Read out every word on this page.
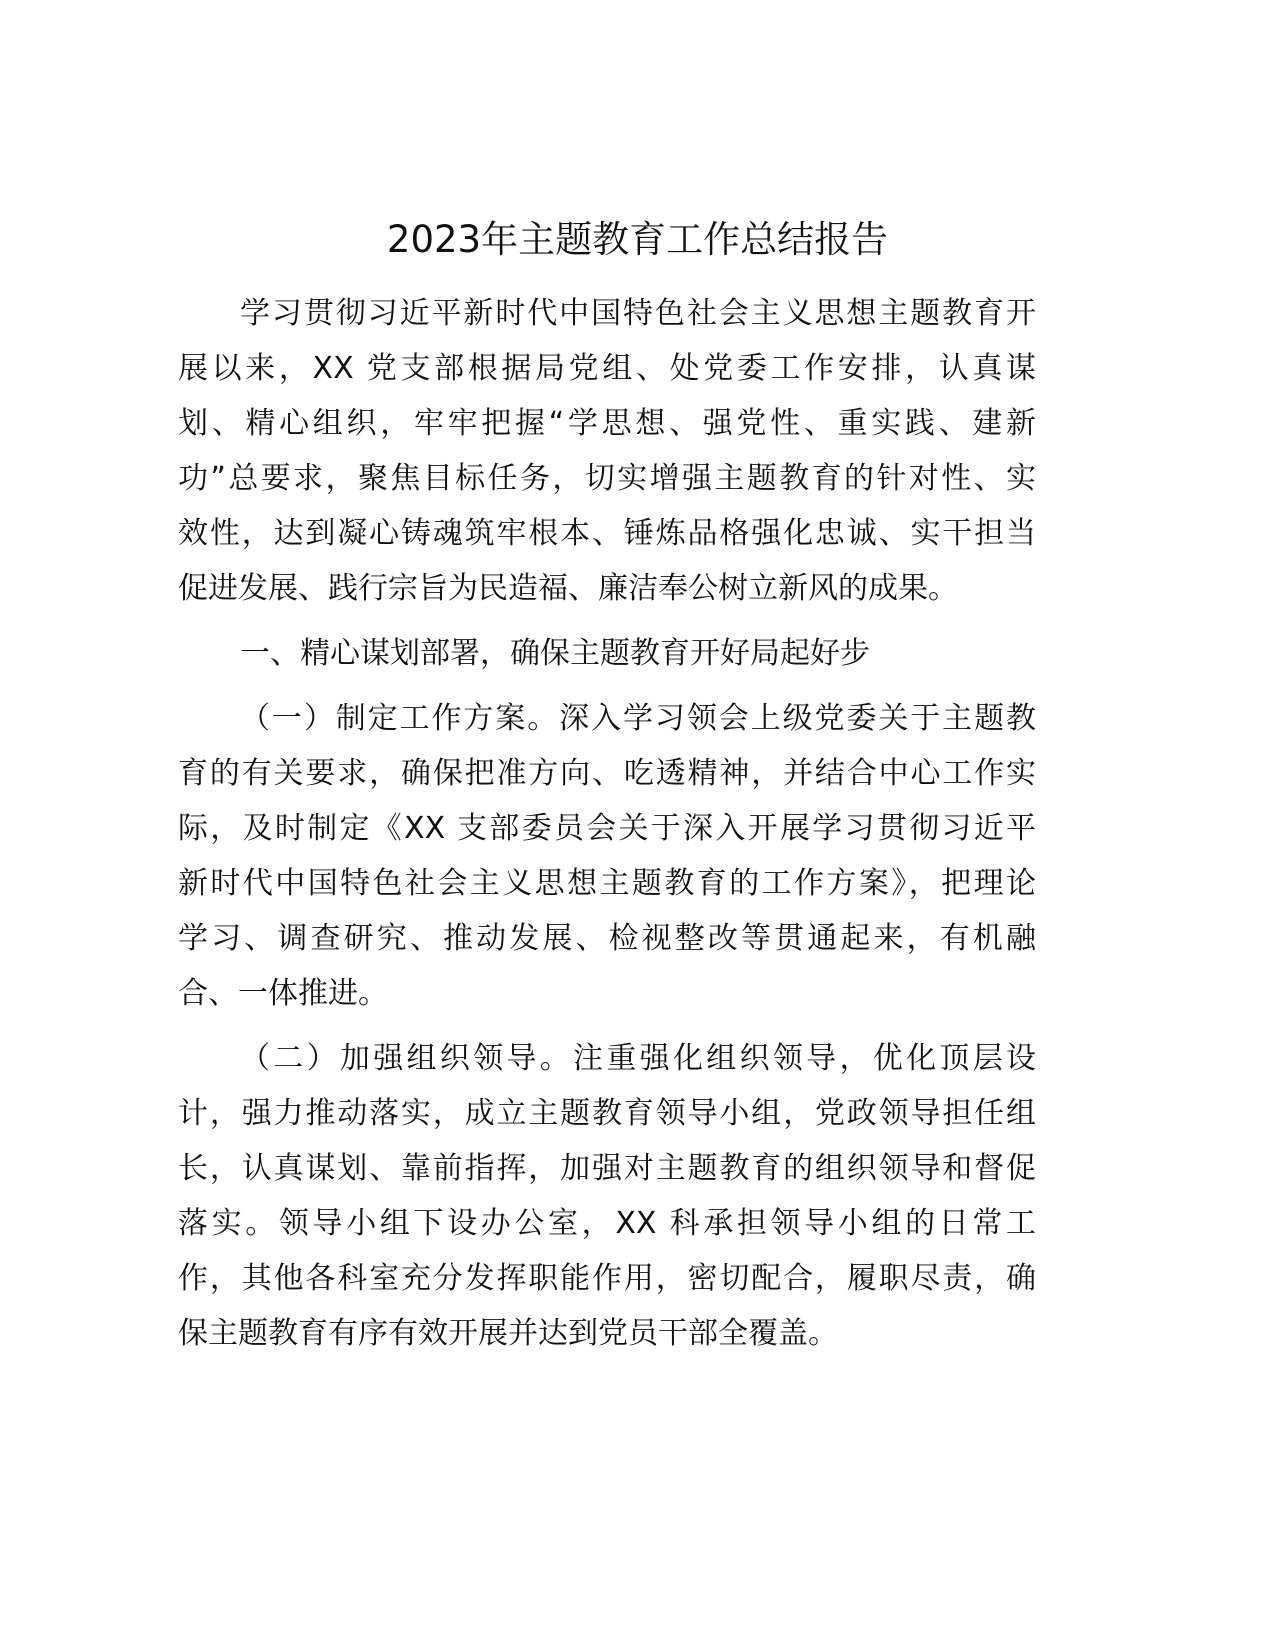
2023年主题教育工作总结报告
学习贯彻习近平新时代中国特色社会主义思想主题教育开
展以来，XX 党支部根据局党组、处党委工作安排，认真谋
划、精心组织，牢牢把握“学思想、强党性、重实践、建新
功”总要求，聚焦目标任务，切实增强主题教育的针对性、实
效性，达到凝心铸魂筑牢根本、锤炼品格强化忠诚、实干担当
促进发展、践行宗旨为民造福、廉洁奉公树立新风的成果。
一、精心谋划部署，确保主题教育开好局起好步
（一）制定工作方案。深入学习领会上级党委关于主题教
育的有关要求，确保把准方向、吃透精神，并结合中心工作实
际，及时制定《XX 支部委员会关于深入开展学习贯彻习近平
新时代中国特色社会主义思想主题教育的工作方案》，把理论
学习、调查研究、推动发展、检视整改等贯通起来，有机融
合、一体推进。
（二）加强组织领导。注重强化组织领导，优化顶层设
计，强力推动落实，成立主题教育领导小组，党政领导担任组
长，认真谋划、靠前指挥，加强对主题教育的组织领导和督促
落实。领导小组下设办公室，XX 科承担领导小组的日常工
作，其他各科室充分发挥职能作用，密切配合，履职尽责，确
保主题教育有序有效开展并达到党员干部全覆盖。
